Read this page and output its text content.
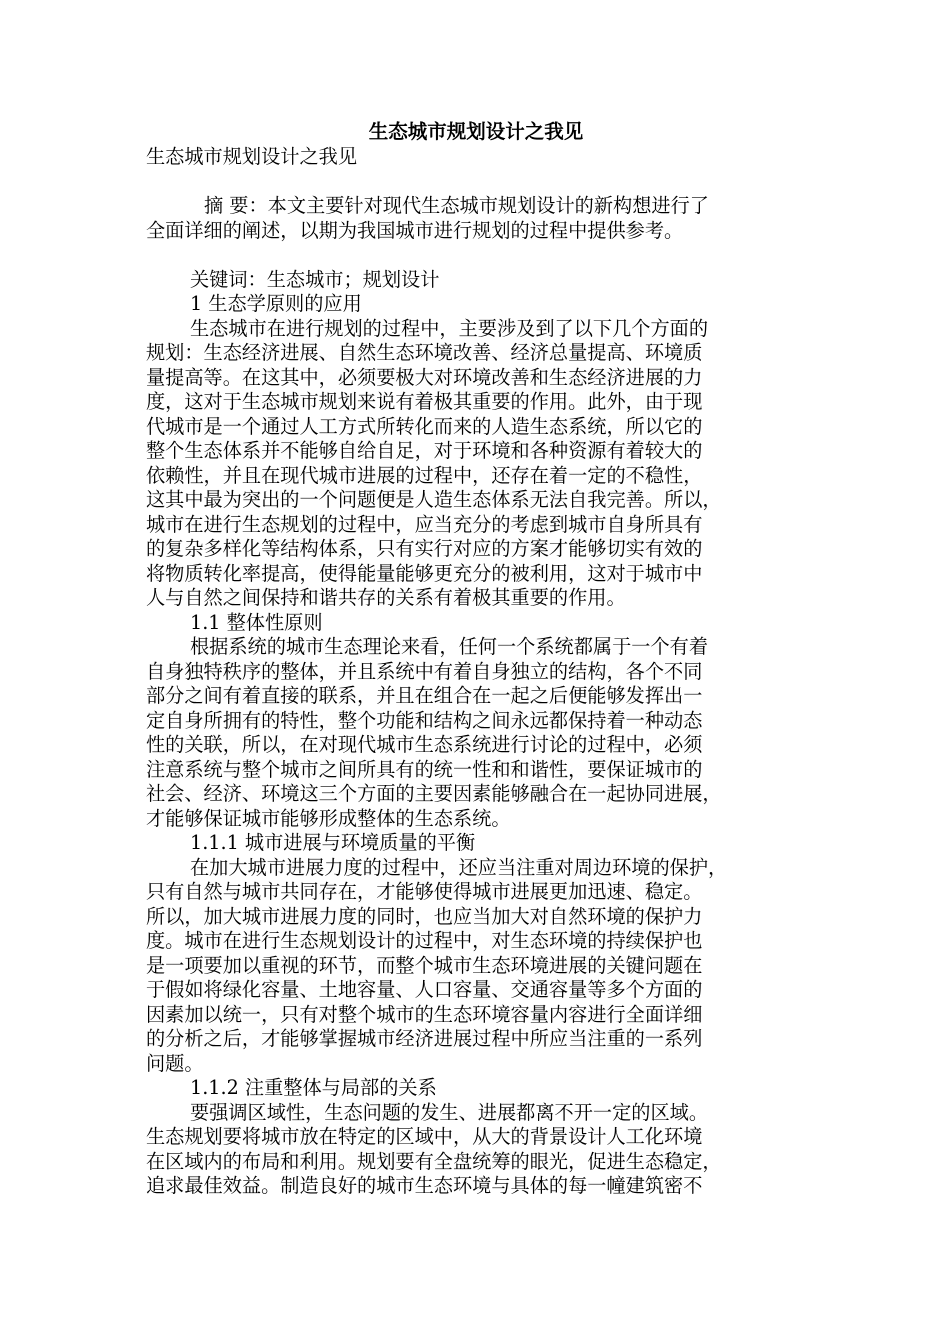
生态城市规划设计之我见

生态城市规划设计之我见

摘 要：本文主要针对现代生态城市规划设计的新构想进行了

全面详细的阐述，以期为我国城市进行规划的过程中提供参考。

关键词：生态城市；规划设计

1 生态学原则的应用

生态城市在进行规划的过程中，主要涉及到了以下几个方面的

规划：生态经济进展、自然生态环境改善、经济总量提高、环境质

量提高等。在这其中，必须要极大对环境改善和生态经济进展的力

度，这对于生态城市规划来说有着极其重要的作用。此外，由于现

代城市是一个通过人工方式所转化而来的人造生态系统，所以它的

整个生态体系并不能够自给自足，对于环境和各种资源有着较大的

依赖性，并且在现代城市进展的过程中，还存在着一定的不稳性，

这其中最为突出的一个问题便是人造生态体系无法自我完善。所以，

城市在进行生态规划的过程中，应当充分的考虑到城市自身所具有

的复杂多样化等结构体系，只有实行对应的方案才能够切实有效的

将物质转化率提高，使得能量能够更充分的被利用，这对于城市中

人与自然之间保持和谐共存的关系有着极其重要的作用。

1.1 整体性原则

根据系统的城市生态理论来看，任何一个系统都属于一个有着

自身独特秩序的整体，并且系统中有着自身独立的结构，各个不同

部分之间有着直接的联系，并且在组合在一起之后便能够发挥出一

定自身所拥有的特性，整个功能和结构之间永远都保持着一种动态

性的关联，所以，在对现代城市生态系统进行讨论的过程中，必须

注意系统与整个城市之间所具有的统一性和和谐性，要保证城市的

社会、经济、环境这三个方面的主要因素能够融合在一起协同进展，

才能够保证城市能够形成整体的生态系统。

1.1.1 城市进展与环境质量的平衡

在加大城市进展力度的过程中，还应当注重对周边环境的保护，

只有自然与城市共同存在，才能够使得城市进展更加迅速、稳定。

所以，加大城市进展力度的同时，也应当加大对自然环境的保护力

度。城市在进行生态规划设计的过程中，对生态环境的持续保护也

是一项要加以重视的环节，而整个城市生态环境进展的关键问题在

于假如将绿化容量、土地容量、人口容量、交通容量等多个方面的

因素加以统一，只有对整个城市的生态环境容量内容进行全面详细

的分析之后，才能够掌握城市经济进展过程中所应当注重的一系列

问题。

1.1.2 注重整体与局部的关系

要强调区域性，生态问题的发生、进展都离不开一定的区域。

生态规划要将城市放在特定的区域中，从大的背景设计人工化环境

在区域内的布局和利用。规划要有全盘统筹的眼光，促进生态稳定，

追求最佳效益。制造良好的城市生态环境与具体的每一幢建筑密不
